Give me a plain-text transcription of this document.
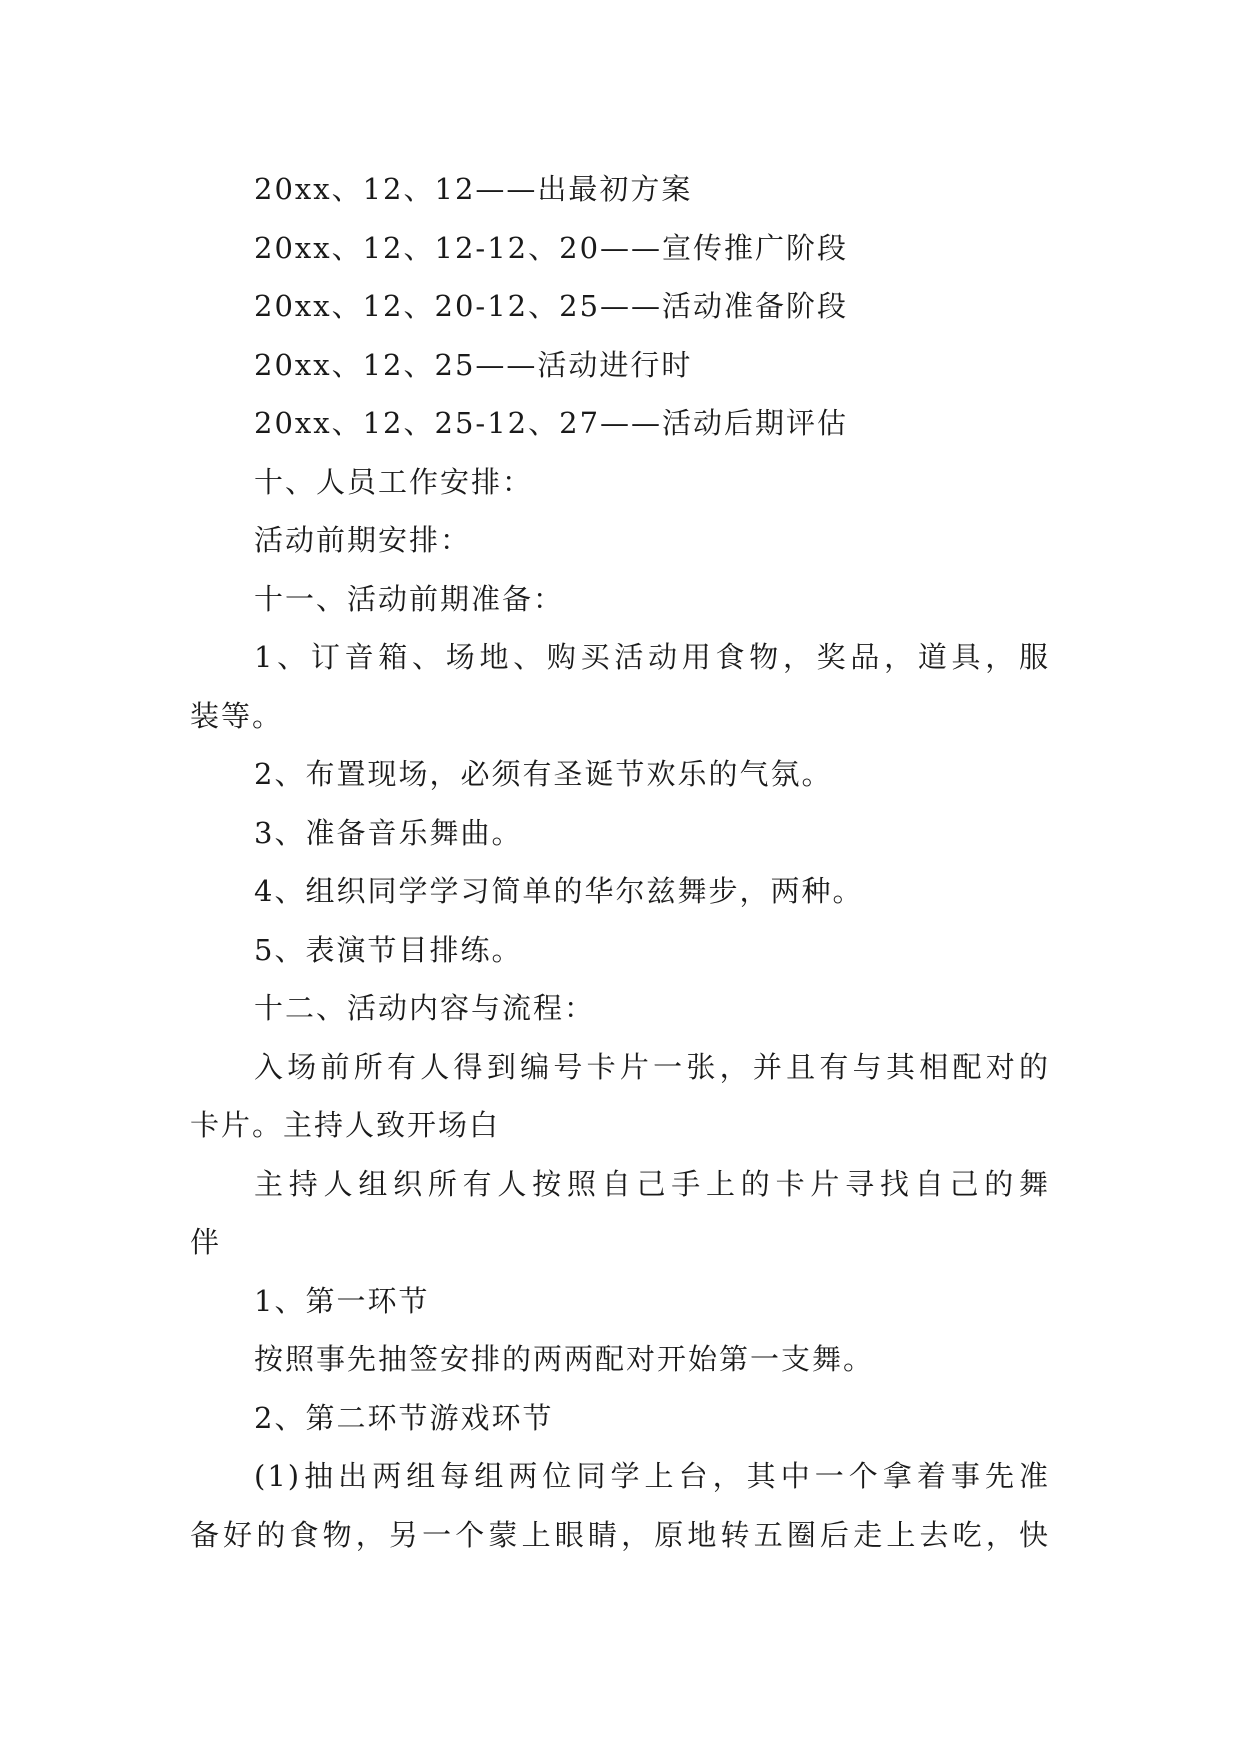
20xx、12、12——出最初方案
20xx、12、12-12、20——宣传推广阶段
20xx、12、20-12、25——活动准备阶段
20xx、12、25——活动进行时
20xx、12、25-12、27——活动后期评估
十、人员工作安排：
活动前期安排：
十一、活动前期准备：
1、订音箱、场地、购买活动用食物，奖品，道具，服
装等。
2、布置现场，必须有圣诞节欢乐的气氛。
3、准备音乐舞曲。
4、组织同学学习简单的华尔兹舞步，两种。
5、表演节目排练。
十二、活动内容与流程：
入场前所有人得到编号卡片一张，并且有与其相配对的
卡片。主持人致开场白
主持人组织所有人按照自己手上的卡片寻找自己的舞
伴
1、第一环节
按照事先抽签安排的两两配对开始第一支舞。
2、第二环节游戏环节
(1)抽出两组每组两位同学上台，其中一个拿着事先准
备好的食物，另一个蒙上眼睛，原地转五圈后走上去吃，快
